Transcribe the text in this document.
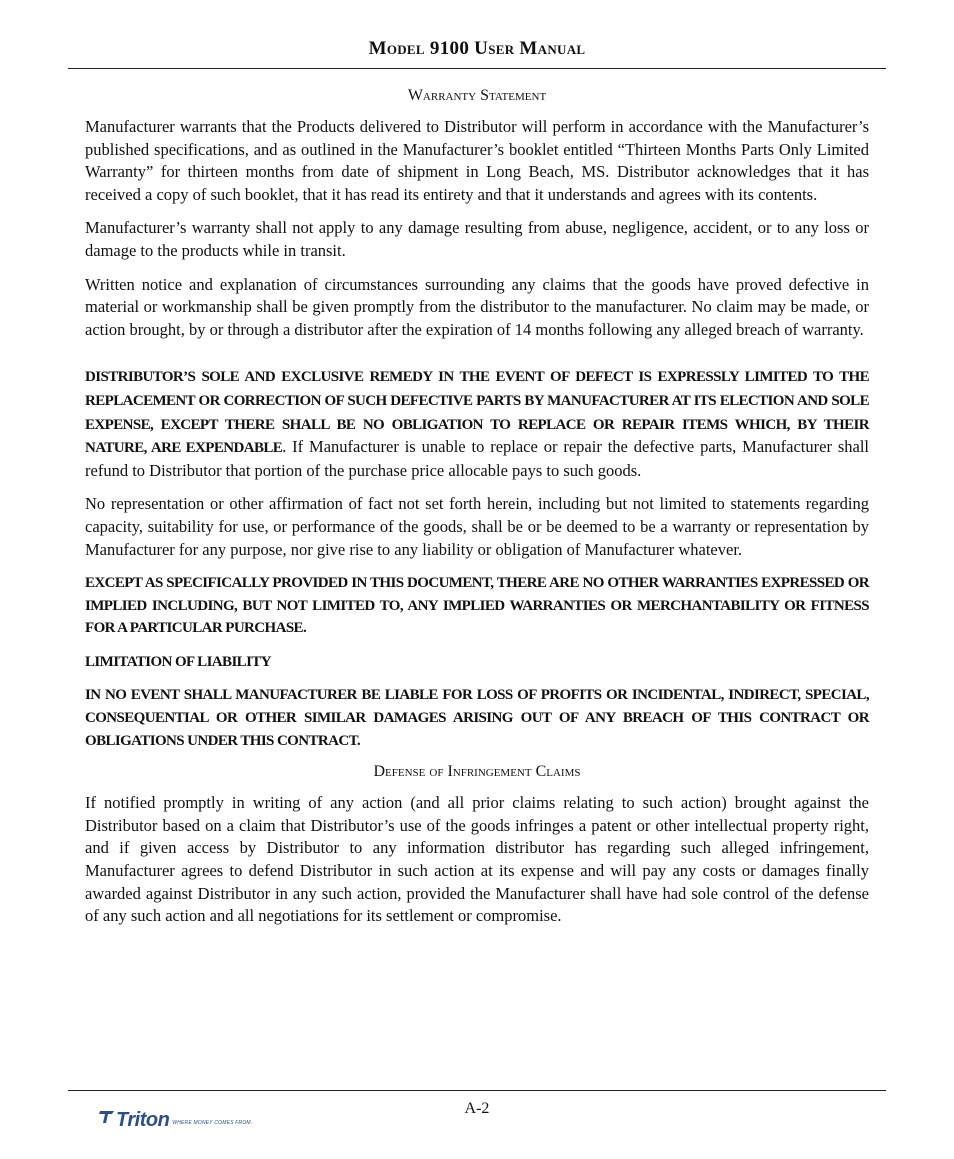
Model 9100 User Manual
Warranty Statement

Manufacturer warrants that the Products delivered to Distributor will perform in accordance with the Manufacturer’s published specifications, and as outlined in the Manufacturer’s booklet entitled “Thirteen Months Parts Only Limited Warranty” for thirteen months from date of shipment in Long Beach, MS. Distributor acknowledges that it has received a copy of such booklet, that it has read its entirety and that it understands and agrees with its contents.

Manufacturer’s warranty shall not apply to any damage resulting from abuse, negligence, accident, or to any loss or damage to the products while in transit.

Written notice and explanation of circumstances surrounding any claims that the goods have proved defective in material or workmanship shall be given promptly from the distributor to the manufacturer. No claim may be made, or action brought, by or through a distributor after the expiration of 14 months following any alleged breach of warranty.

DISTRIBUTOR’S SOLE AND EXCLUSIVE REMEDY IN THE EVENT OF DEFECT IS EXPRESSLY LIMITED TO THE REPLACEMENT OR CORRECTION OF SUCH DEFECTIVE PARTS BY MANUFACTURER AT ITS ELECTION AND SOLE EXPENSE, EXCEPT THERE SHALL BE NO OBLIGATION TO REPLACE OR REPAIR ITEMS WHICH, BY THEIR NATURE, ARE EXPENDABLE. If Manufacturer is unable to replace or repair the defective parts, Manufacturer shall refund to Distributor that portion of the purchase price allocable pays to such goods.

No representation or other affirmation of fact not set forth herein, including but not limited to statements regarding capacity, suitability for use, or performance of the goods, shall be or be deemed to be a warranty or representation by Manufacturer for any purpose, nor give rise to any liability or obligation of Manufacturer whatever.

EXCEPT AS SPECIFICALLY PROVIDED IN THIS DOCUMENT, THERE ARE NO OTHER WARRANTIES EXPRESSED OR IMPLIED INCLUDING, BUT NOT LIMITED TO, ANY IMPLIED WARRANTIES OR MERCHANTABILITY OR FITNESS FOR A PARTICULAR PURCHASE.

LIMITATION OF LIABILITY

IN NO EVENT SHALL MANUFACTURER BE LIABLE FOR LOSS OF PROFITS OR INCIDENTAL, INDIRECT, SPECIAL, CONSEQUENTIAL OR OTHER SIMILAR DAMAGES ARISING OUT OF ANY BREACH OF THIS CONTRACT OR OBLIGATIONS UNDER THIS CONTRACT.

Defense of Infringement Claims

If notified promptly in writing of any action (and all prior claims relating to such action) brought against the Distributor based on a claim that Distributor’s use of the goods infringes a patent or other intellectual property right, and if given access by Distributor to any information distributor has regarding such alleged infringement, Manufacturer agrees to defend Distributor in such action at its expense and will pay any costs or damages finally awarded against Distributor in any such action, provided the Manufacturer shall have had sole control of the defense of any such action and all negotiations for its settlement or compromise.

A-2
Triton WHERE MONEY COMES FROM.
